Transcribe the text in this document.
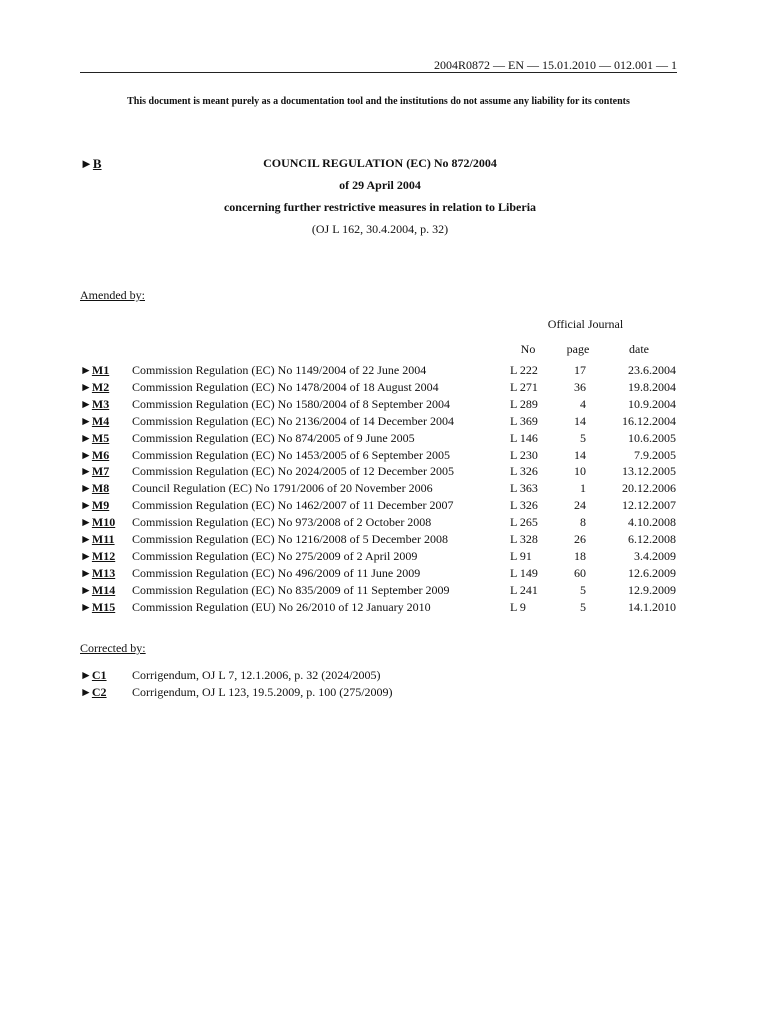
2004R0872 — EN — 15.01.2010 — 012.001 — 1
This document is meant purely as a documentation tool and the institutions do not assume any liability for its contents
►B	COUNCIL REGULATION (EC) No 872/2004
of 29 April 2004
concerning further restrictive measures in relation to Liberia
(OJ L 162, 30.4.2004, p. 32)
Amended by:
Official Journal
No	page	date
►M1 Commission Regulation (EC) No 1149/2004 of 22 June 2004	L 222	17	23.6.2004
►M2 Commission Regulation (EC) No 1478/2004 of 18 August 2004	L 271	36	19.8.2004
►M3 Commission Regulation (EC) No 1580/2004 of 8 September 2004	L 289	4	10.9.2004
►M4 Commission Regulation (EC) No 2136/2004 of 14 December 2004	L 369	14	16.12.2004
►M5 Commission Regulation (EC) No 874/2005 of 9 June 2005	L 146	5	10.6.2005
►M6 Commission Regulation (EC) No 1453/2005 of 6 September 2005	L 230	14	7.9.2005
►M7 Commission Regulation (EC) No 2024/2005 of 12 December 2005	L 326	10	13.12.2005
►M8 Council Regulation (EC) No 1791/2006 of 20 November 2006	L 363	1	20.12.2006
►M9 Commission Regulation (EC) No 1462/2007 of 11 December 2007	L 326	24	12.12.2007
►M10 Commission Regulation (EC) No 973/2008 of 2 October 2008	L 265	8	4.10.2008
►M11 Commission Regulation (EC) No 1216/2008 of 5 December 2008	L 328	26	6.12.2008
►M12 Commission Regulation (EC) No 275/2009 of 2 April 2009	L 91	18	3.4.2009
►M13 Commission Regulation (EC) No 496/2009 of 11 June 2009	L 149	60	12.6.2009
►M14 Commission Regulation (EC) No 835/2009 of 11 September 2009	L 241	5	12.9.2009
►M15 Commission Regulation (EU) No 26/2010 of 12 January 2010	L 9	5	14.1.2010
Corrected by:
►C1 Corrigendum, OJ L 7, 12.1.2006, p. 32 (2024/2005)
►C2 Corrigendum, OJ L 123, 19.5.2009, p. 100 (275/2009)
